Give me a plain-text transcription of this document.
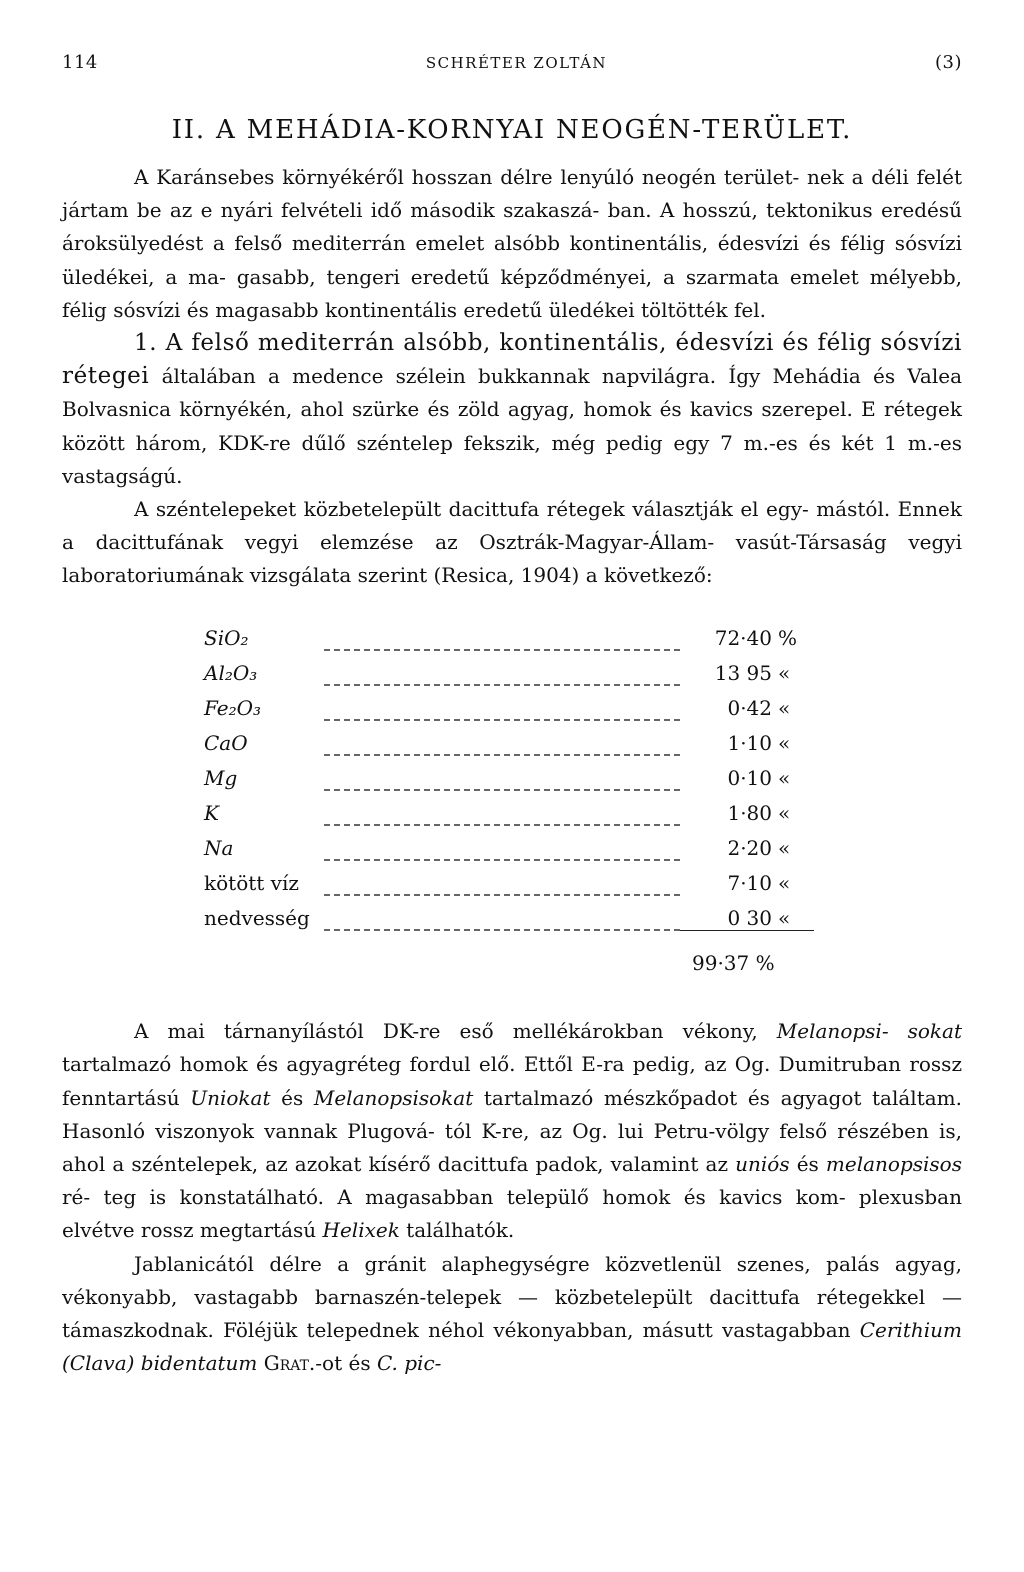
114	SCHRÉTER ZOLTÁN	(3)
II. A MEHÁDIA-KORNYAI NEOGÉN-TERÜLET.

A Karánsebes környékéről hosszan délre lenyúló neogén terület- nek a déli felét jártam be az e nyári felvételi idő második szakaszá- ban. A hosszú, tektonikus eredésű ároksülyedést a felső mediterrán emelet alsóbb kontinentális, édesvízi és félig sósvízi üledékei, a ma- gasabb, tengeri eredetű képződményei, a szarmata emelet mélyebb, félig sósvízi és magasabb kontinentális eredetű üledékei töltötték fel.

1. A felső mediterrán alsóbb, kontinentális, édesvízi és félig sósvízi rétegei általában a medence szélein bukkannak napvilágra. Így Mehádia és Valea Bolvasnica környékén, ahol szürke és zöld agyag, homok és kavics szerepel. E rétegek között három, KDK-re dűlő széntelep fekszik, még pedig egy 7 m.-es és két 1 m.-es vastagságú.

A széntelepeket közbetelepült dacittufa rétegek választják el egy- mástól. Ennek a dacittufának vegyi elemzése az Osztrák-Magyar-Állam- vasút-Társaság vegyi laboratoriumának vizsgálata szerint (Resica, 1904) a következő:

SiO₂		72·40	%
Al₂O₃		13 95	«
Fe₂O₃		0·42	«
CaO		1·10	«
Mg		0·10	«
K		1·80	«
Na		2·20	«
kötött víz		7·10	«
nedvesség		0 30	«
		99·37 %	

A mai tárnanyílástól DK-re eső mellékárokban vékony, Melanopsi- sokat tartalmazó homok és agyagréteg fordul elő. Ettől E-ra pedig, az Og. Dumitruban rossz fenntartású Uniokat és Melanopsisokat tartalmazó mészkőpadot és agyagot találtam. Hasonló viszonyok vannak Plugová- tól K-re, az Og. lui Petru-völgy felső részében is, ahol a széntelepek, az azokat kísérő dacittufa padok, valamint az uniós és melanopsisos ré- teg is konstatálható. A magasabban települő homok és kavics kom- plexusban elvétve rossz megtartású Helixek találhatók.

Jablanicától délre a gránit alaphegységre közvetlenül szenes, palás agyag, vékonyabb, vastagabb barnaszén-telepek — közbetelepült dacittufa rétegekkel — támaszkodnak. Föléjük telepednek néhol vékonyabban, másutt vastagabban Cerithium (Clava) bidentatum Grat.-ot és C. pic-
